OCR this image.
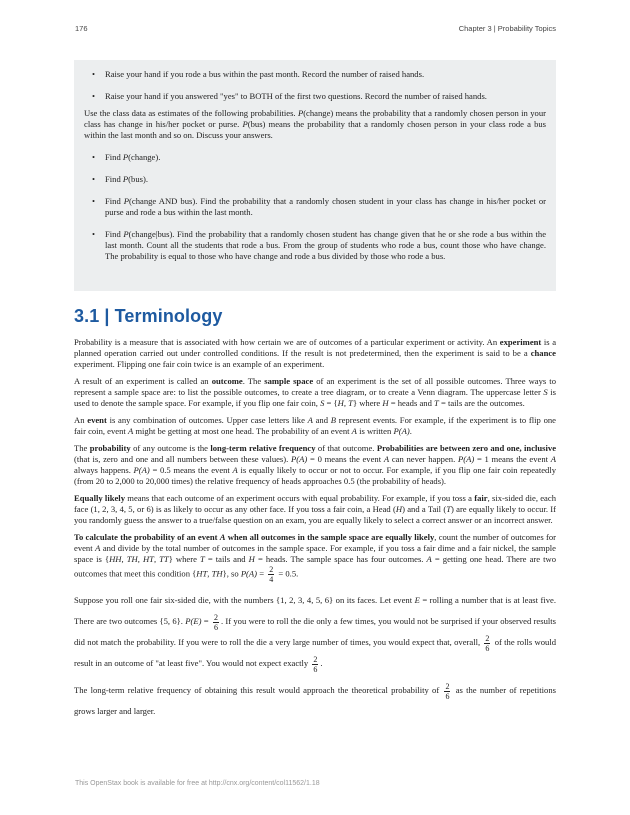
176	Chapter 3 | Probability Topics

• Raise your hand if you rode a bus within the past month. Record the number of raised hands.

• Raise your hand if you answered "yes" to BOTH of the first two questions. Record the number of raised hands.

Use the class data as estimates of the following probabilities. P(change) means the probability that a randomly chosen person in your class has change in his/her pocket or purse. P(bus) means the probability that a randomly chosen person in your class rode a bus within the last month and so on. Discuss your answers.

• Find P(change).

• Find P(bus).

• Find P(change AND bus). Find the probability that a randomly chosen student in your class has change in his/her pocket or purse and rode a bus within the last month.

• Find P(change|bus). Find the probability that a randomly chosen student has change given that he or she rode a bus within the last month. Count all the students that rode a bus. From the group of students who rode a bus, count those who have change. The probability is equal to those who have change and rode a bus divided by those who rode a bus.

3.1 | Terminology

Probability is a measure that is associated with how certain we are of outcomes of a particular experiment or activity. An experiment is a planned operation carried out under controlled conditions. If the result is not predetermined, then the experiment is said to be a chance experiment. Flipping one fair coin twice is an example of an experiment.

A result of an experiment is called an outcome. The sample space of an experiment is the set of all possible outcomes. Three ways to represent a sample space are: to list the possible outcomes, to create a tree diagram, or to create a Venn diagram. The uppercase letter S is used to denote the sample space. For example, if you flip one fair coin, S = {H, T} where H = heads and T = tails are the outcomes.

An event is any combination of outcomes. Upper case letters like A and B represent events. For example, if the experiment is to flip one fair coin, event A might be getting at most one head. The probability of an event A is written P(A).

The probability of any outcome is the long-term relative frequency of that outcome. Probabilities are between zero and one, inclusive (that is, zero and one and all numbers between these values). P(A) = 0 means the event A can never happen. P(A) = 1 means the event A always happens. P(A) = 0.5 means the event A is equally likely to occur or not to occur. For example, if you flip one fair coin repeatedly (from 20 to 2,000 to 20,000 times) the relative frequency of heads approaches 0.5 (the probability of heads).

Equally likely means that each outcome of an experiment occurs with equal probability. For example, if you toss a fair, six-sided die, each face (1, 2, 3, 4, 5, or 6) is as likely to occur as any other face. If you toss a fair coin, a Head (H) and a Tail (T) are equally likely to occur. If you randomly guess the answer to a true/false question on an exam, you are equally likely to select a correct answer or an incorrect answer.

To calculate the probability of an event A when all outcomes in the sample space are equally likely, count the number of outcomes for event A and divide by the total number of outcomes in the sample space. For example, if you toss a fair dime and a fair nickel, the sample space is {HH, TH, HT, TT} where T = tails and H = heads. The sample space has four outcomes. A = getting one head. There are two outcomes that meet this condition {HT, TH}, so $P(A) = \frac{2}{4} = 0.5$.

Suppose you roll one fair six-sided die, with the numbers {1, 2, 3, 4, 5, 6} on its faces. Let event E = rolling a number that is at least five. There are two outcomes {5, 6}. $P(E) = \frac{2}{6}$ . If you were to roll the die only a few times, you would not be surprised if your observed results did not match the probability. If you were to roll the die a very large number of times, you would expect that, overall, $\frac{2}{6}$ of the rolls would result in an outcome of "at least five". You would not expect exactly $\frac{2}{6}$ .

The long-term relative frequency of obtaining this result would approach the theoretical probability of $\frac{2}{6}$ as the number of repetitions grows larger and larger.

This OpenStax book is available for free at http://cnx.org/content/col11562/1.18
